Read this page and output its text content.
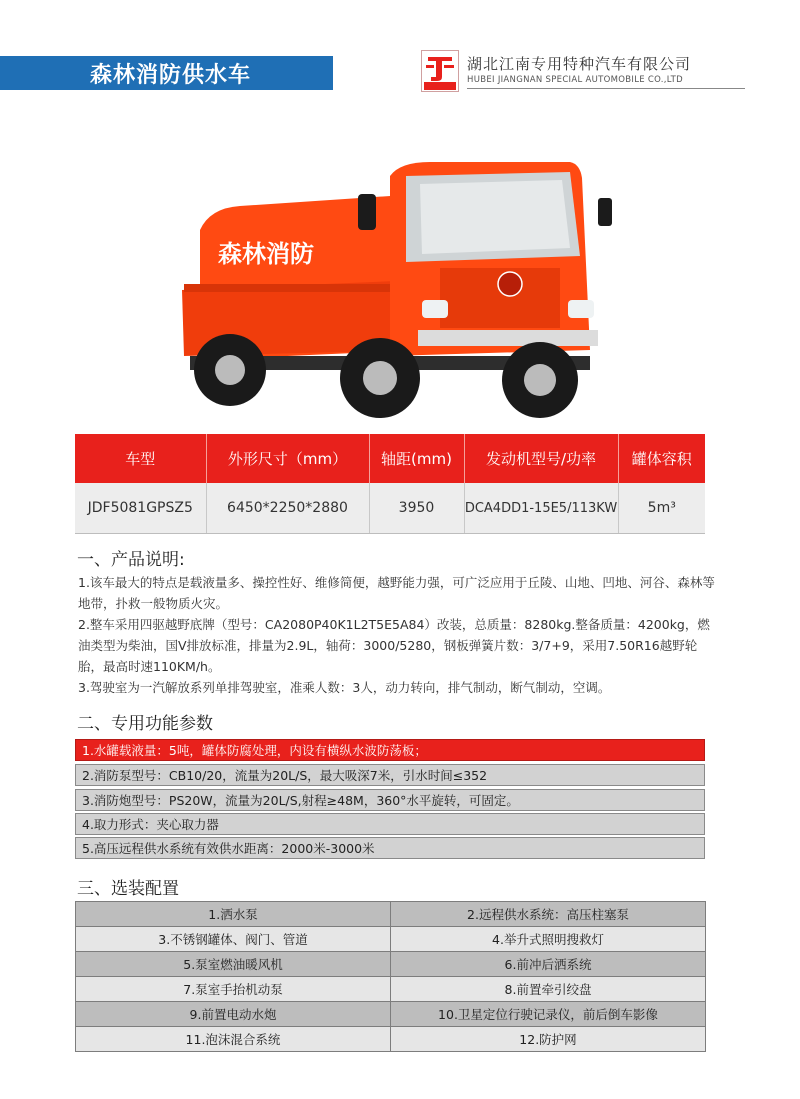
森林消防供水车	湖北江南专用特种汽车有限公司
HUBEI JIANGNAN SPECIAL AUTOMOBILE CO.,LTD
森林消防
车型	外形尺寸（mm）	轴距(mm)	发动机型号/功率	罐体容积
JDF5081GPSZ5	6450*2250*2880	3950	DCA4DD1-15E5/113KW	5m³
一、产品说明:

1.该车最大的特点是载液量多、操控性好、维修简便，越野能力强，可广泛应用于丘陵、山地、凹地、河谷、森林等地带，扑救一般物质火灾。

2.整车采用四驱越野底牌（型号：CA2080P40K1L2T5E5A84）改装，总质量：8280kg.整备质量：4200kg，燃油类型为柴油，国V排放标准，排量为2.9L，轴荷：3000/5280，钢板弹簧片数：3/7+9，采用7.50R16越野轮胎，最高时速110KM/h。

3.驾驶室为一汽解放系列单排驾驶室，准乘人数：3人，动力转向，排气制动，断气制动，空调。

二、专用功能参数
1.水罐载液量：5吨，罐体防腐处理，内设有横纵水波防荡板；
2.消防泵型号：CB10/20，流量为20L/S，最大吸深7米，引水时间≤352
3.消防炮型号：PS20W，流量为20L/S,射程≥48M，360°水平旋转，可固定。
4.取力形式：夹心取力器
5.高压远程供水系统有效供水距离：2000米-3000米
三、选装配置
1.洒水泵	2.远程供水系统：高压柱塞泵
3.不锈钢罐体、阀门、管道	4.举升式照明搜救灯
5.泵室燃油暖风机	6.前冲后洒系统
7.泵室手抬机动泵	8.前置牵引绞盘
9.前置电动水炮	10.卫星定位行驶记录仪，前后倒车影像
11.泡沫混合系统	12.防护网
